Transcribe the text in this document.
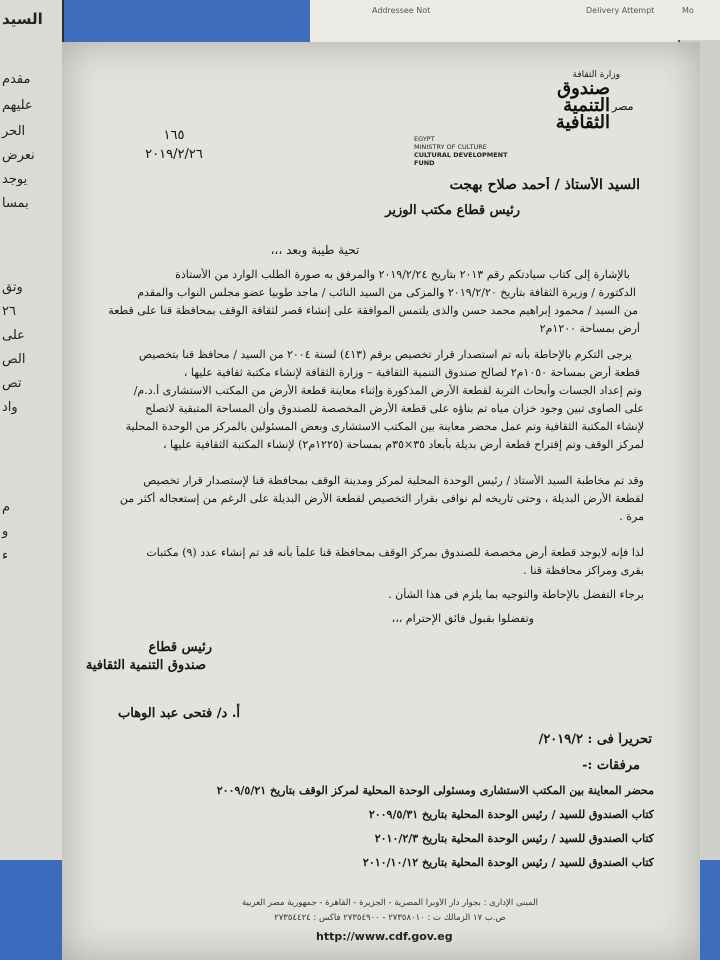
السيد
مقدم
عليهم
الحر
نعرض
يوجد
بمسا
وتق
٢٦
على
الص
تص
واد
م
و
ء
Addressee Not	Delivery Attempt	Mo
وزارة الثقافة
صندوق التنمية الثقافية
مصر
EGYPT
MINISTRY OF CULTURE
CULTURAL DEVELOPMENT FUND
١٦٥
٢٠١٩/٢/٢٦
السيد الأستاذ / أحمد صلاح بهجت
رئيس قطاع مكتب الوزير
تحية طيبة وبعد ،،،
بالإشارة إلى كتاب سيادتكم رقم ٢٠١٣ بتاريخ ٢٠١٩/٢/٢٤ والمرفق به صورة الطلب الوارد من الأستاذة
الدكتورة / وزيرة الثقافة بتاريخ ٢٠١٩/٢/٢٠ والمزكى من السيد النائب / ماجد طوبيا عضو مجلس النواب والمقدم
من السيد / محمود إبراهيم محمد حسن والذى يلتمس الموافقة على إنشاء قصر لثقافة الوقف بمحافظة قنا على قطعة
أرض بمساحة ١٢٠٠م٢
يرجى التكرم بالإحاطة بأنه تم استصدار قرار تخصيص برقم (٤١٣) لسنة ٢٠٠٤ من السيد / محافظ قنا بتخصيص
قطعة أرض بمساحة ١٠٥٠م٢ لصالح صندوق التنمية الثقافية – وزارة الثقافة لإنشاء مكتبة ثقافية عليها ،
وتم إعداد الجسات وأبحاث التربة لقطعة الأرض المذكورة وإثناء معاينة قطعة الأرض من المكتب الاستشارى أ.د.م/
على الصاوى تبين وجود خزان مياه تم بناؤه على قطعة الأرض المخصصة للصندوق وأن المساحة المتبقية لاتصلح
لإنشاء المكتبة الثقافية وتم عمل محضر معاينة بين المكتب الاستشارى وبعض المسئولين بالمركز من الوحدة المحلية
لمركز الوقف وتم إقتراح قطعة أرض بديلة بأبعاد ٣٥×٣٥م بمساحة (١٢٢٥م٢) لإنشاء المكتبة الثقافية عليها ،
وقد تم مخاطبة السيد الأستاذ / رئيس الوحدة المحلية لمركز ومدينة الوقف بمحافظة قنا لإستصدار قرار تخصيص
لقطعة الأرض البديلة ، وحتى تاريخه لم نوافى بقرار التخصيص لقطعة الأرض البديلة على الرغم من إستعجاله أكثر من
مرة .
لذا فإنه لايوجد قطعة أرض مخصصة للصندوق بمركز الوقف بمحافظة قنا علماً بأنه قد تم إنشاء عدد (٩) مكتبات
بقرى ومراكز محافظة قنا .
برجاء التفضل بالإحاطة والتوجيه بما يلزم فى هذا الشأن .
وتفضلوا بقبول فائق الإحترام ،،،
رئيس قطاع
صندوق التنمية الثقافية
أ. د/ فتحى عبد الوهاب
تحريراً فى : ٢٠١٩/٢/
مرفقات :-
محضر المعاينة بين المكتب الاستشارى ومسئولى الوحدة المحلية لمركز الوقف بتاريخ ٢٠٠٩/٥/٢١
كتاب الصندوق للسيد / رئيس الوحدة المحلية بتاريخ ٢٠٠٩/٥/٣١
كتاب الصندوق للسيد / رئيس الوحدة المحلية بتاريخ ٢٠١٠/٢/٣
كتاب الصندوق للسيد / رئيس الوحدة المحلية بتاريخ ٢٠١٠/١٠/١٢
المبنى الإدارى : بجوار دار الأوبرا المصرية - الجزيرة - القاهرة - جمهورية مصر العربية
ص.ب ١٧ الزمالك ت : ٢٧٣٥٨٠١٠ - ٢٧٣٥٤٩٠٠ فاكس : ٢٧٣٥٤٤٢٤
http://www.cdf.gov.eg
